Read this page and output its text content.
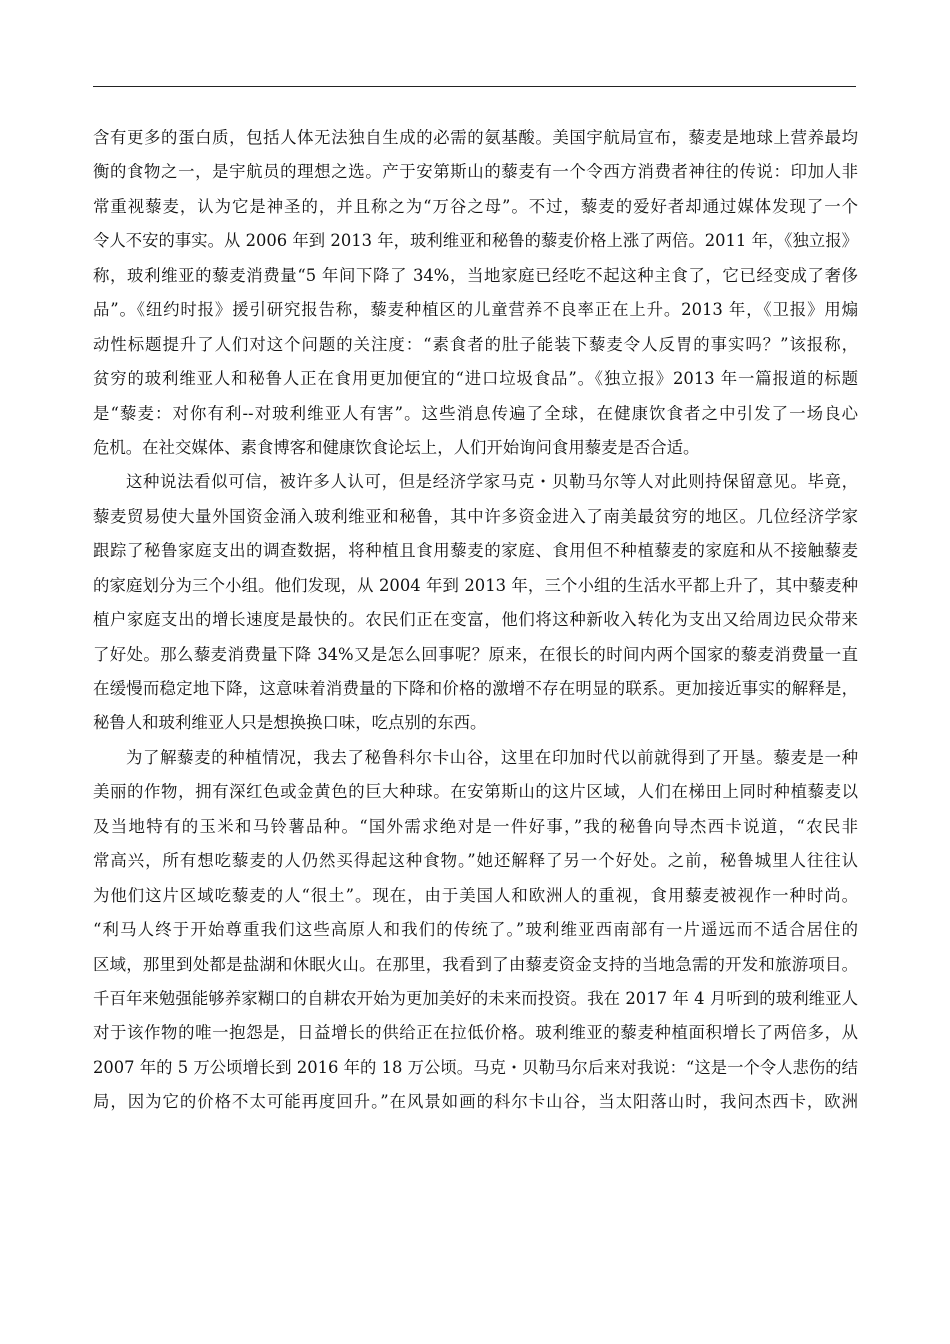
含有更多的蛋白质，包括人体无法独自生成的必需的氨基酸。美国宇航局宣布，藜麦是地球上营养最均
衡的食物之一，是宇航员的理想之选。产于安第斯山的藜麦有一个令西方消费者神往的传说：印加人非
常重视藜麦，认为它是神圣的，并且称之为“万谷之母”。不过，藜麦的爱好者却通过媒体发现了一个
令人不安的事实。从 2006 年到 2013 年，玻利维亚和秘鲁的藜麦价格上涨了两倍。2011 年，《独立报》
称，玻利维亚的藜麦消费量“5 年间下降了 34%，当地家庭已经吃不起这种主食了，它已经变成了奢侈
品”。《纽约时报》援引研究报告称，藜麦种植区的儿童营养不良率正在上升。2013 年，《卫报》用煽
动性标题提升了人们对这个问题的关注度：“素食者的肚子能装下藜麦令人反胃的事实吗？”该报称，
贫穷的玻利维亚人和秘鲁人正在食用更加便宜的“进口垃圾食品”。《独立报》2013 年一篇报道的标题
是“藜麦：对你有利--对玻利维亚人有害”。这些消息传遍了全球，在健康饮食者之中引发了一场良心
危机。在社交媒体、素食博客和健康饮食论坛上，人们开始询问食用藜麦是否合适。
这种说法看似可信，被许多人认可，但是经济学家马克・贝勒马尔等人对此则持保留意见。毕竟，
藜麦贸易使大量外国资金涌入玻利维亚和秘鲁，其中许多资金进入了南美最贫穷的地区。几位经济学家
跟踪了秘鲁家庭支出的调查数据，将种植且食用藜麦的家庭、食用但不种植藜麦的家庭和从不接触藜麦
的家庭划分为三个小组。他们发现，从 2004 年到 2013 年，三个小组的生活水平都上升了，其中藜麦种
植户家庭支出的增长速度是最快的。农民们正在变富，他们将这种新收入转化为支出又给周边民众带来
了好处。那么藜麦消费量下降 34%又是怎么回事呢？原来，在很长的时间内两个国家的藜麦消费量一直
在缓慢而稳定地下降，这意味着消费量的下降和价格的激增不存在明显的联系。更加接近事实的解释是，
秘鲁人和玻利维亚人只是想换换口味，吃点别的东西。
为了解藜麦的种植情况，我去了秘鲁科尔卡山谷，这里在印加时代以前就得到了开垦。藜麦是一种
美丽的作物，拥有深红色或金黄色的巨大种球。在安第斯山的这片区域，人们在梯田上同时种植藜麦以
及当地特有的玉米和马铃薯品种。“国外需求绝对是一件好事，”我的秘鲁向导杰西卡说道，“农民非
常高兴，所有想吃藜麦的人仍然买得起这种食物。”她还解释了另一个好处。之前，秘鲁城里人往往认
为他们这片区域吃藜麦的人“很土”。现在，由于美国人和欧洲人的重视，食用藜麦被视作一种时尚。
“利马人终于开始尊重我们这些高原人和我们的传统了。”玻利维亚西南部有一片遥远而不适合居住的
区域，那里到处都是盐湖和休眠火山。在那里，我看到了由藜麦资金支持的当地急需的开发和旅游项目。
千百年来勉强能够养家糊口的自耕农开始为更加美好的未来而投资。我在 2017 年 4 月听到的玻利维亚人
对于该作物的唯一抱怨是，日益增长的供给正在拉低价格。玻利维亚的藜麦种植面积增长了两倍多，从
2007 年的 5 万公顷增长到 2016 年的 18 万公顷。马克・贝勒马尔后来对我说：“这是一个令人悲伤的结
局，因为它的价格不太可能再度回升。”在风景如画的科尔卡山谷，当太阳落山时，我问杰西卡，欧洲
